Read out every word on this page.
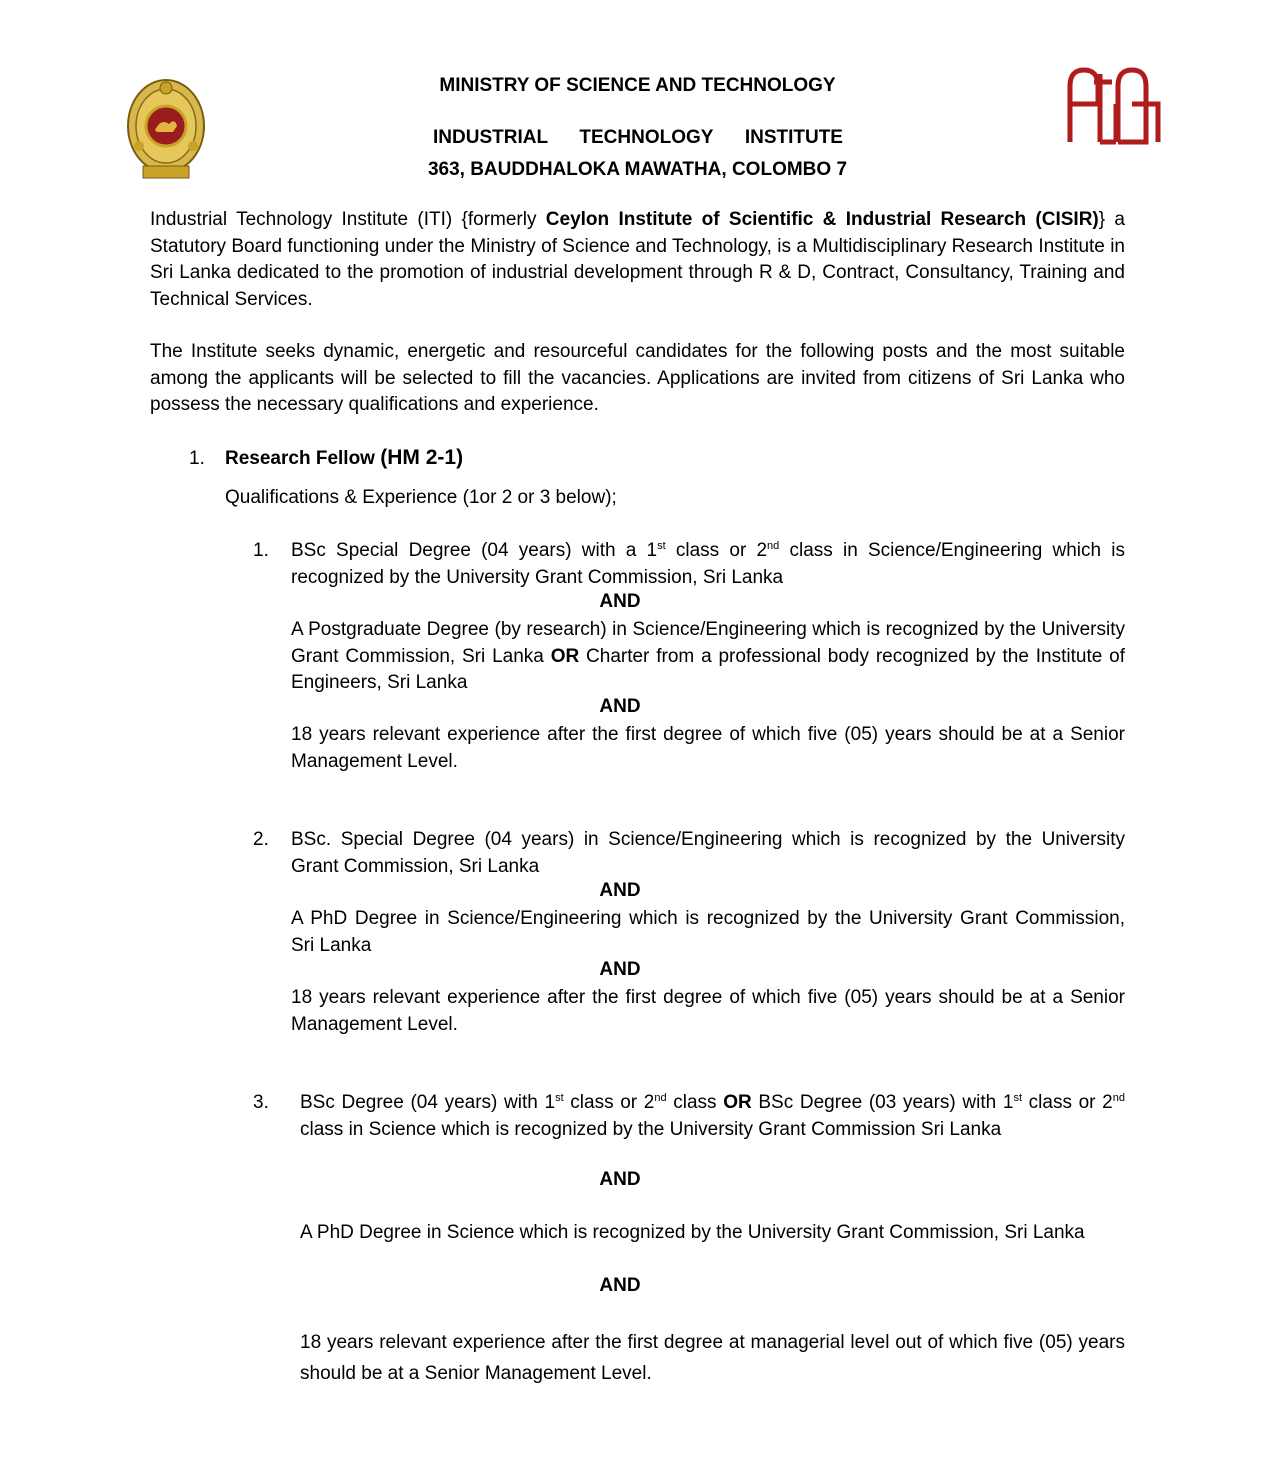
MINISTRY OF SCIENCE AND TECHNOLOGY
INDUSTRIAL TECHNOLOGY INSTITUTE
363, BAUDDHALOKA MAWATHA, COLOMBO 7
Industrial Technology Institute (ITI) {formerly Ceylon Institute of Scientific & Industrial Research (CISIR)} a Statutory Board functioning under the Ministry of Science and Technology, is a Multidisciplinary Research Institute in Sri Lanka dedicated to the promotion of industrial development through R & D, Contract, Consultancy, Training and Technical Services.
The Institute seeks dynamic, energetic and resourceful candidates for the following posts and the most suitable among the applicants will be selected to fill the vacancies. Applications are invited from citizens of Sri Lanka who possess the necessary qualifications and experience.
1. Research Fellow (HM 2-1)
Qualifications & Experience (1or 2 or 3 below);
1. BSc Special Degree (04 years) with a 1st class or 2nd class in Science/Engineering which is recognized by the University Grant Commission, Sri Lanka
AND
A Postgraduate Degree (by research) in Science/Engineering which is recognized by the University Grant Commission, Sri Lanka OR Charter from a professional body recognized by the Institute of Engineers, Sri Lanka
AND
18 years relevant experience after the first degree of which five (05) years should be at a Senior Management Level.
2. BSc. Special Degree (04 years) in Science/Engineering which is recognized by the University Grant Commission, Sri Lanka
AND
A PhD Degree in Science/Engineering which is recognized by the University Grant Commission, Sri Lanka
AND
18 years relevant experience after the first degree of which five (05) years should be at a Senior Management Level.
3. BSc Degree (04 years) with 1st class or 2nd class OR BSc Degree (03 years) with 1st class or 2nd class in Science which is recognized by the University Grant Commission Sri Lanka
AND
A PhD Degree in Science which is recognized by the University Grant Commission, Sri Lanka
AND
18 years relevant experience after the first degree at managerial level out of which five (05) years should be at a Senior Management Level.
